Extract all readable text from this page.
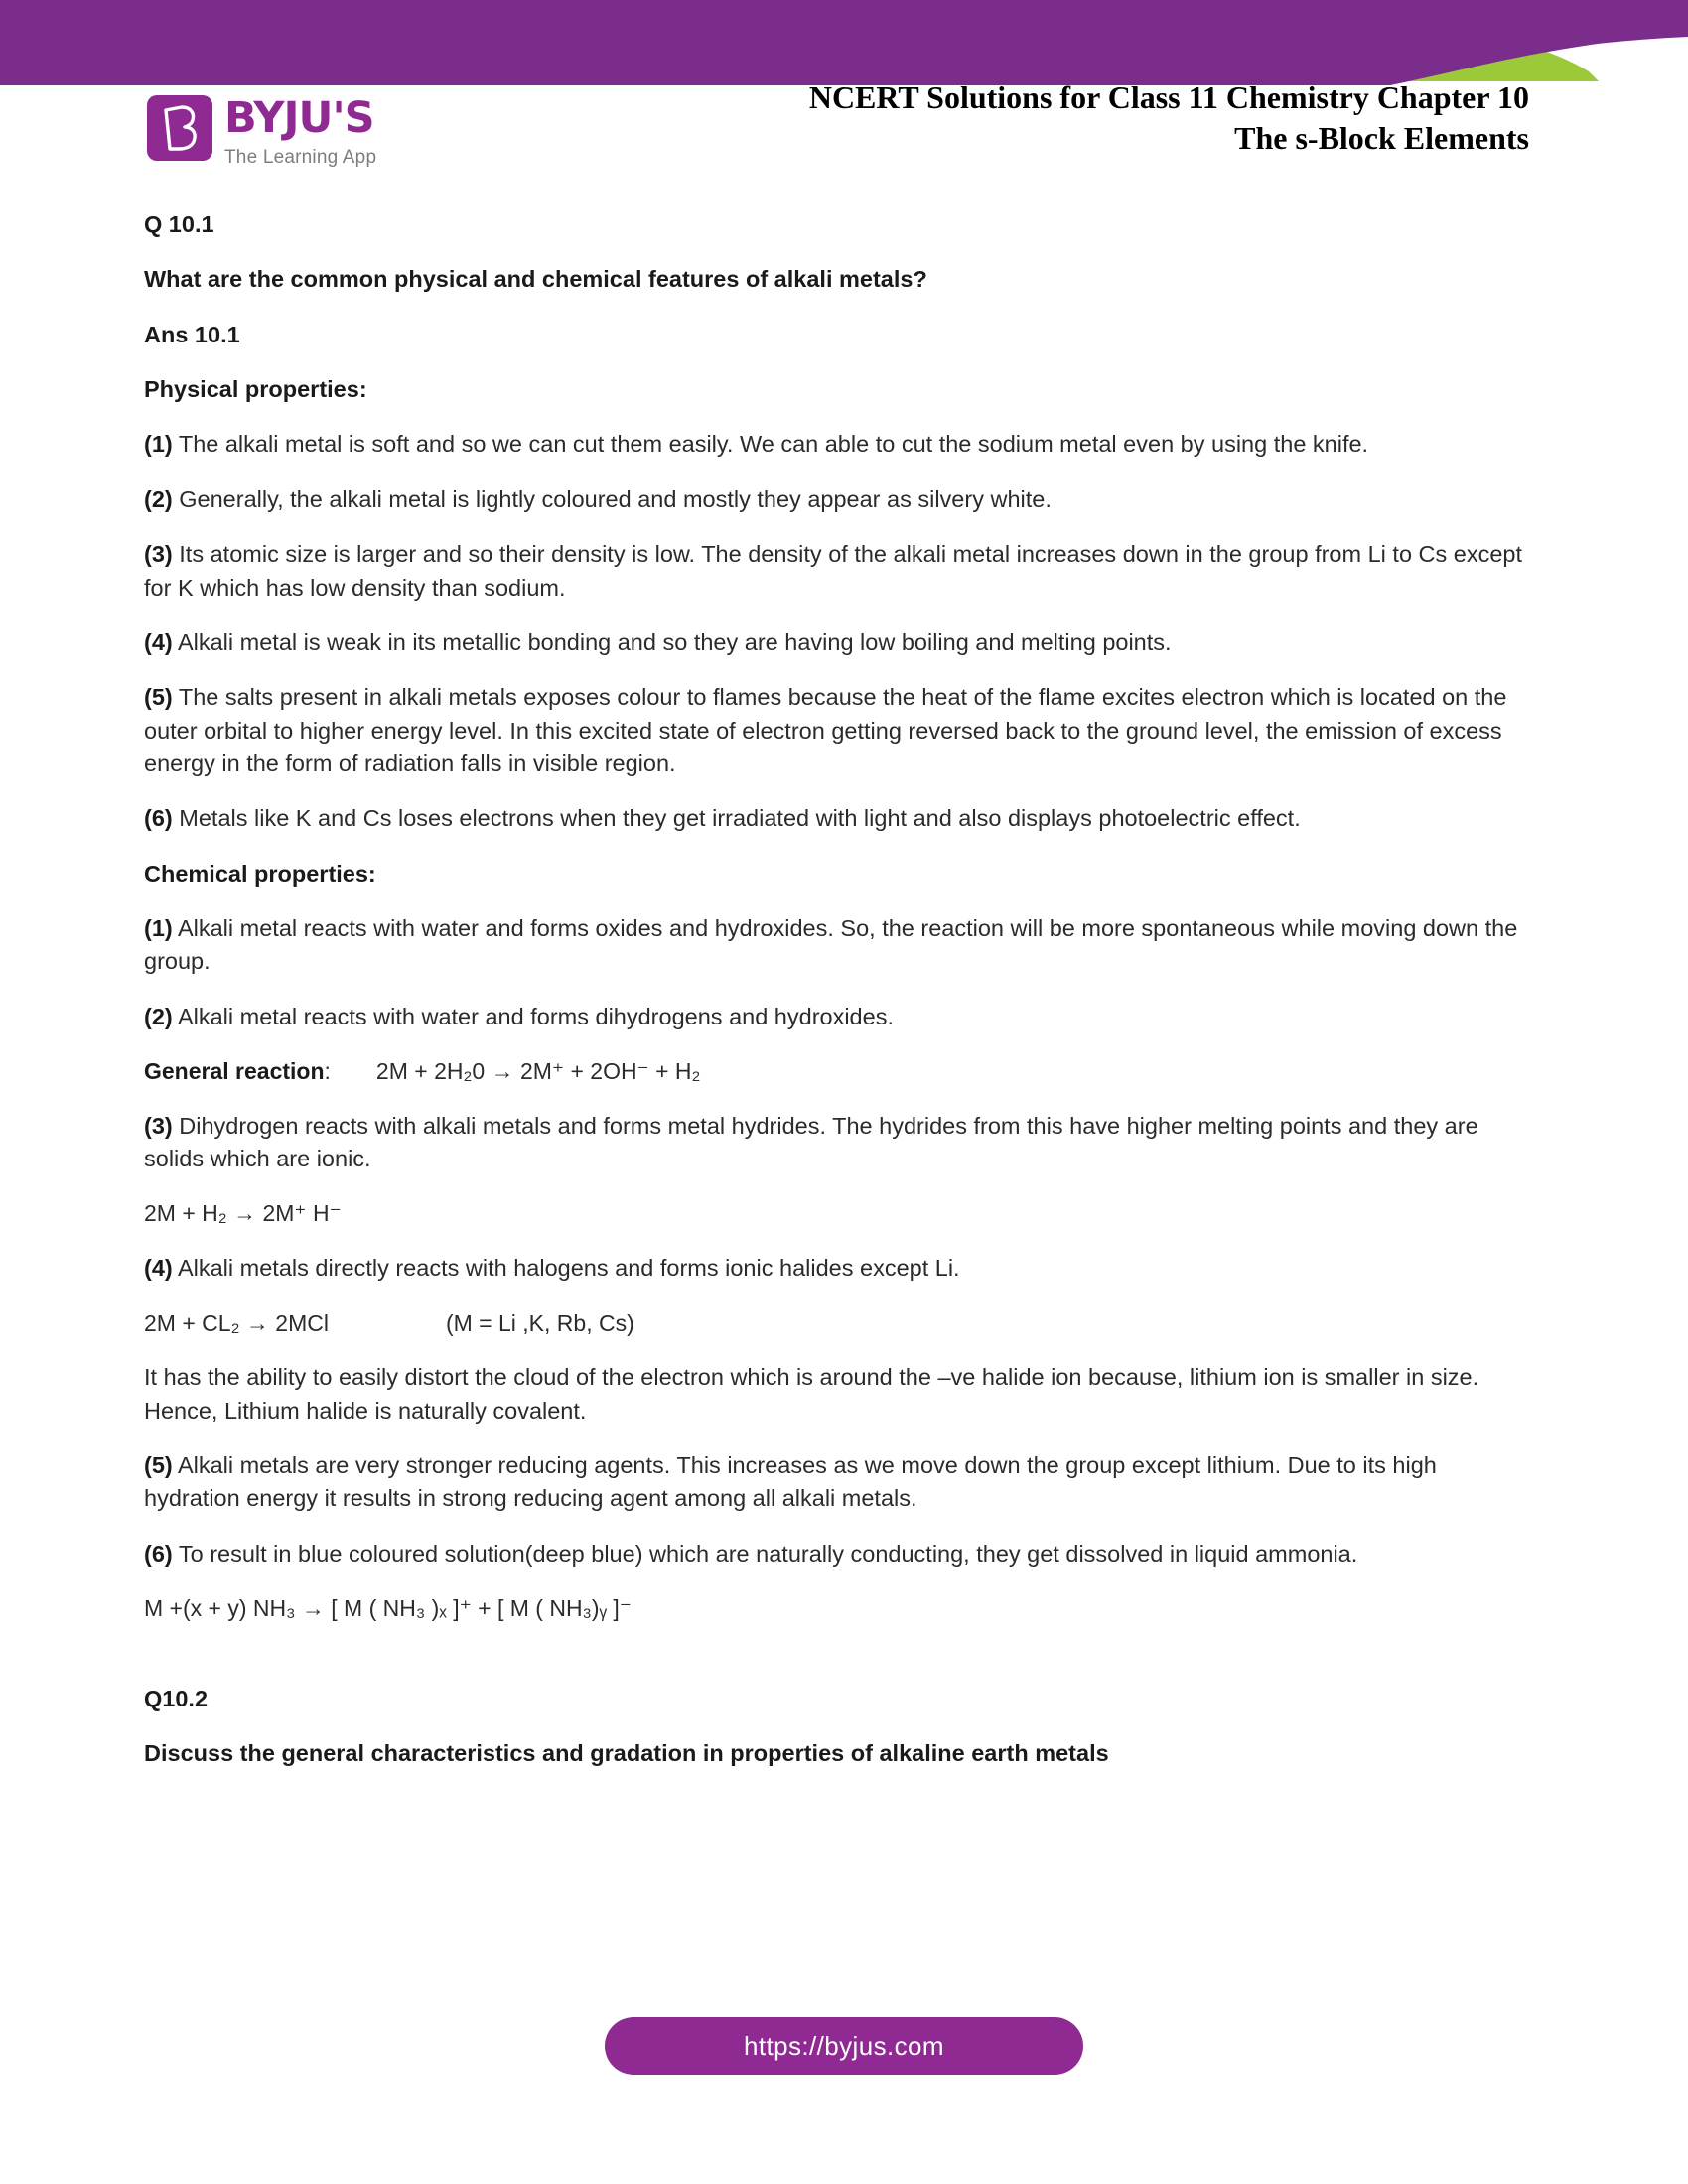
BYJU'S
The Learning App
NCERT Solutions for Class 11 Chemistry Chapter 10
The s-Block Elements

Q 10.1

What are the common physical and chemical features of alkali metals?

Ans 10.1

Physical properties:

(1) The alkali metal is soft and so we can cut them easily. We can able to cut the sodium metal even by using the knife.

(2) Generally, the alkali metal is lightly coloured and mostly they appear as silvery white.

(3) Its atomic size is larger and so their density is low. The density of the alkali metal increases down in the group from Li to Cs except for K which has low density than sodium.

(4) Alkali metal is weak in its metallic bonding and so they are having low boiling and melting points.

(5) The salts present in alkali metals exposes colour to flames because the heat of the flame excites electron which is located on the outer orbital to higher energy level. In this excited state of electron getting reversed back to the ground level, the emission of excess energy in the form of radiation falls in visible region.

(6) Metals like K and Cs loses electrons when they get irradiated with light and also displays photoelectric effect.

Chemical properties:

(1) Alkali metal reacts with water and forms oxides and hydroxides. So, the reaction will be more spontaneous while moving down the group.

(2) Alkali metal reacts with water and forms dihydrogens and hydroxides.

General reaction: 2M + 2H₂0 → 2M⁺ + 2OH⁻ + H₂

(3) Dihydrogen reacts with alkali metals and forms metal hydrides. The hydrides from this have higher melting points and they are solids which are ionic.

2M + H₂ → 2M⁺ H⁻

(4) Alkali metals directly reacts with halogens and forms ionic halides except Li.

2M + CL₂ → 2MCl	(M = Li ,K, Rb, Cs)

It has the ability to easily distort the cloud of the electron which is around the –ve halide ion because, lithium ion is smaller in size. Hence, Lithium halide is naturally covalent.

(5) Alkali metals are very stronger reducing agents. This increases as we move down the group except lithium. Due to its high hydration energy it results in strong reducing agent among all alkali metals.

(6) To result in blue coloured solution(deep blue) which are naturally conducting, they get dissolved in liquid ammonia.

M +(x + y) NH₃ → [ M ( NH₃ )ₓ ]⁺ + [ M ( NH₃)ᵧ ]⁻

Q10.2

Discuss the general characteristics and gradation in properties of alkaline earth metals

https://byjus.com
